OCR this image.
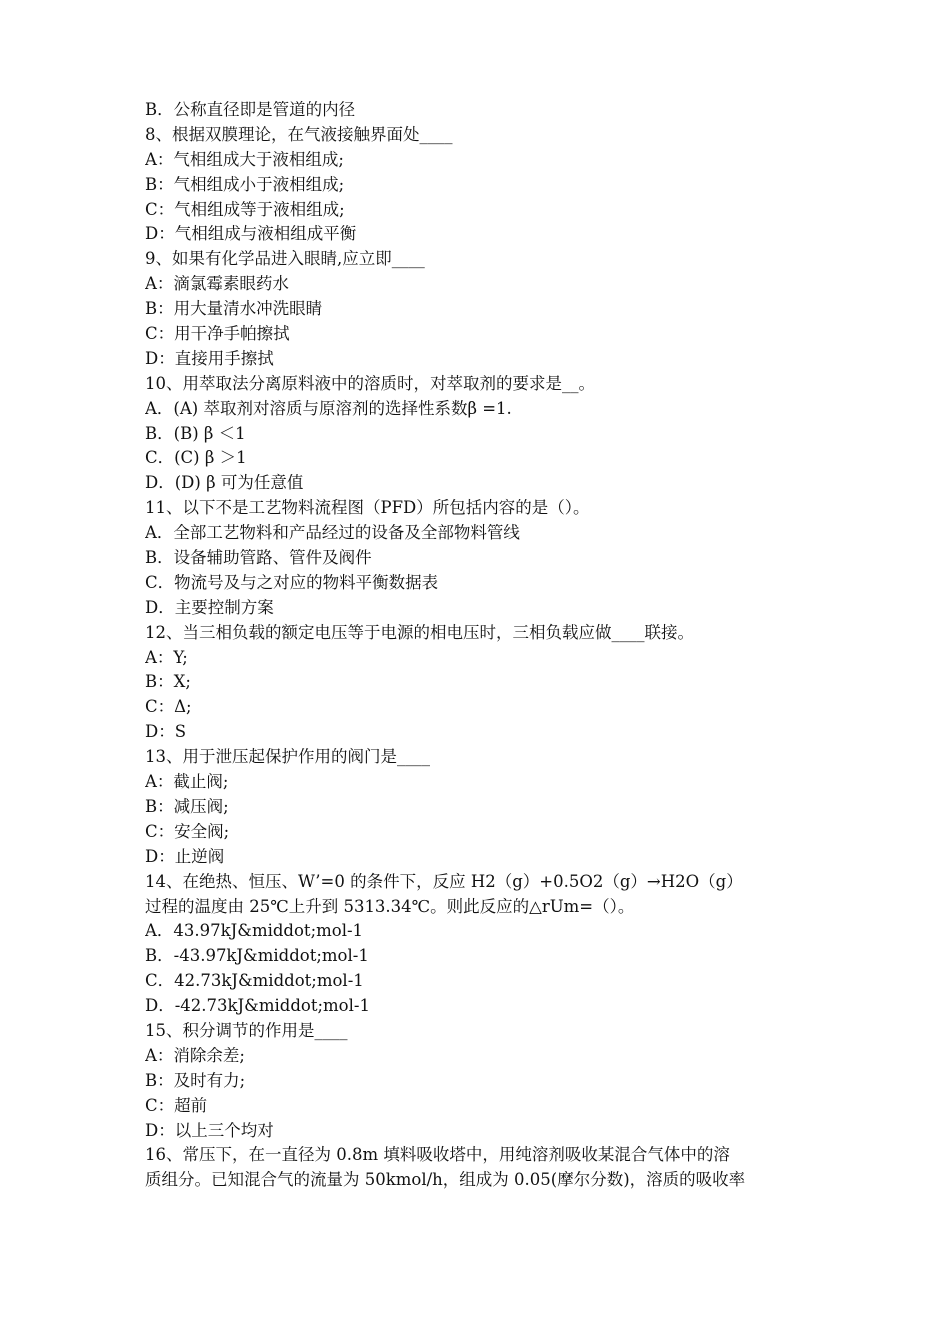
B．公称直径即是管道的内径
8、根据双膜理论，在气液接触界面处____
A：气相组成大于液相组成;
B：气相组成小于液相组成;
C：气相组成等于液相组成;
D：气相组成与液相组成平衡
9、如果有化学品进入眼睛,应立即____
A：滴氯霉素眼药水
B：用大量清水冲洗眼睛
C：用干净手帕擦拭
D：直接用手擦拭
10、用萃取法分离原料液中的溶质时，对萃取剂的要求是__。
A．(A) 萃取剂对溶质与原溶剂的选择性系数β =1.
B．(B) β ＜1
C．(C) β ＞1
D．(D) β 可为任意值
11、以下不是工艺物料流程图（PFD）所包括内容的是（）。
A．全部工艺物料和产品经过的设备及全部物料管线
B．设备辅助管路、管件及阀件
C．物流号及与之对应的物料平衡数据表
D．主要控制方案
12、当三相负载的额定电压等于电源的相电压时，三相负载应做____联接。
A：Y;
B：X;
C：Δ;
D：S
13、用于泄压起保护作用的阀门是____
A：截止阀;
B：减压阀;
C：安全阀;
D：止逆阀
14、在绝热、恒压、W’=0 的条件下，反应 H2（g）+0.5O2（g）→H2O（g）
过程的温度由 25℃上升到 5313.34℃。则此反应的△rUm=（）。
A．43.97kJ&middot;mol-1
B．-43.97kJ&middot;mol-1
C．42.73kJ&middot;mol-1
D．-42.73kJ&middot;mol-1
15、积分调节的作用是____
A：消除余差;
B：及时有力;
C：超前
D：以上三个均对
16、常压下，在一直径为 0.8m 填料吸收塔中，用纯溶剂吸收某混合气体中的溶
质组分。已知混合气的流量为 50kmol/h，组成为 0.05(摩尔分数)，溶质的吸收率
